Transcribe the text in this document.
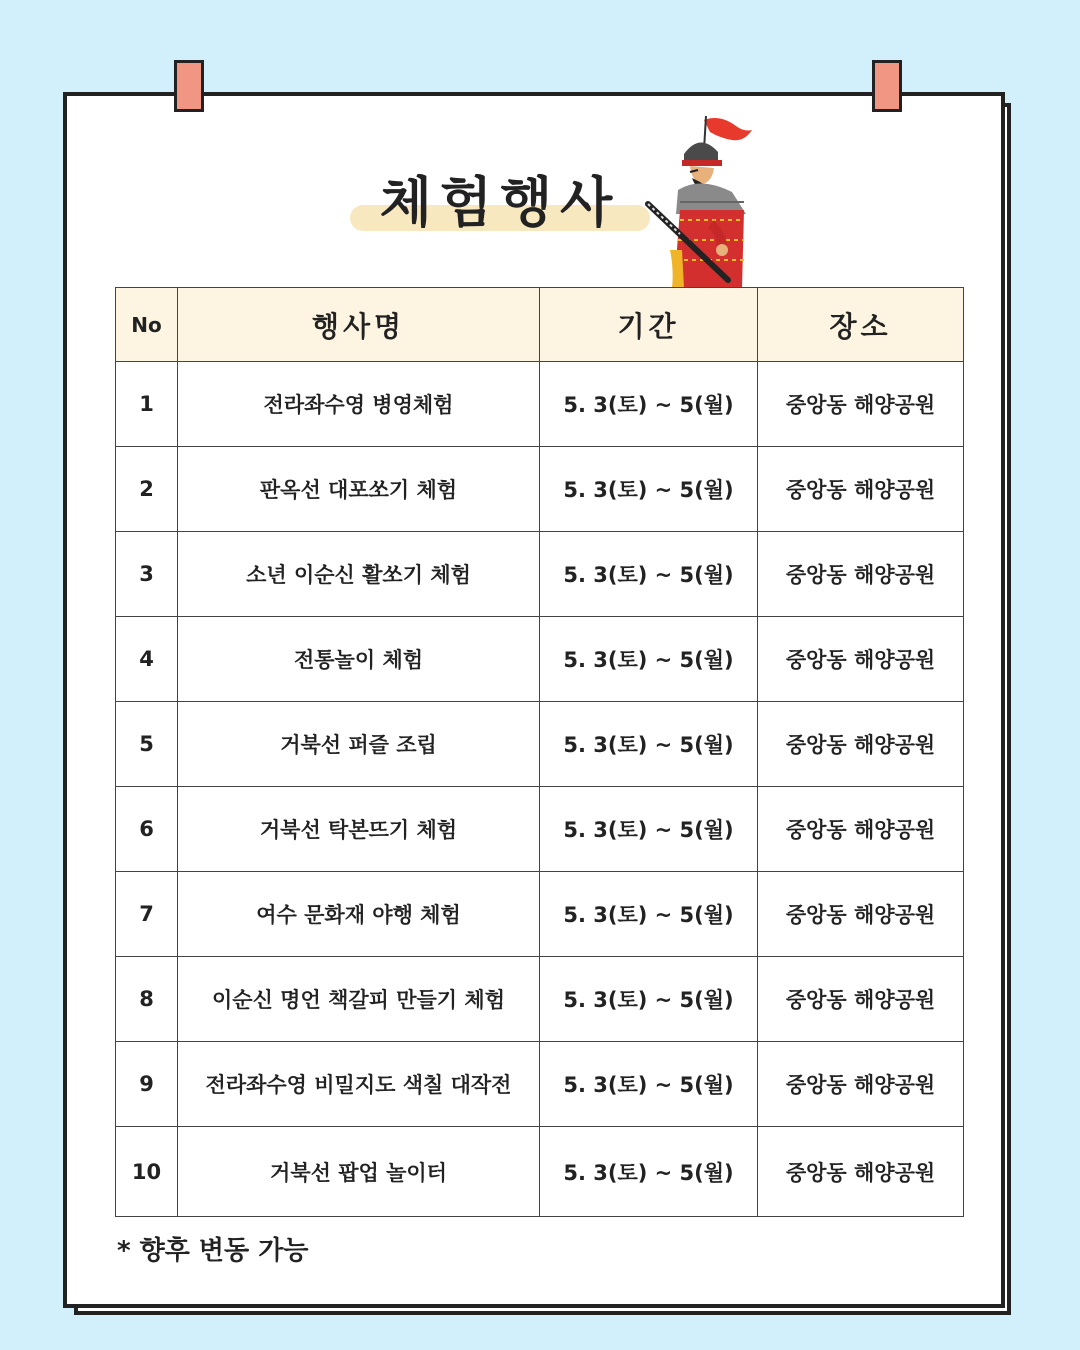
체험행사
No	행사명	기간	장소
1	전라좌수영 병영체험	5. 3(토) ~ 5(월)	중앙동 해양공원
2	판옥선 대포쏘기 체험	5. 3(토) ~ 5(월)	중앙동 해양공원
3	소년 이순신 활쏘기 체험	5. 3(토) ~ 5(월)	중앙동 해양공원
4	전통놀이 체험	5. 3(토) ~ 5(월)	중앙동 해양공원
5	거북선 퍼즐 조립	5. 3(토) ~ 5(월)	중앙동 해양공원
6	거북선 탁본뜨기 체험	5. 3(토) ~ 5(월)	중앙동 해양공원
7	여수 문화재 야행 체험	5. 3(토) ~ 5(월)	중앙동 해양공원
8	이순신 명언 책갈피 만들기 체험	5. 3(토) ~ 5(월)	중앙동 해양공원
9	전라좌수영 비밀지도 색칠 대작전	5. 3(토) ~ 5(월)	중앙동 해양공원
10	거북선 팝업 놀이터	5. 3(토) ~ 5(월)	중앙동 해양공원
* 향후 변동 가능
